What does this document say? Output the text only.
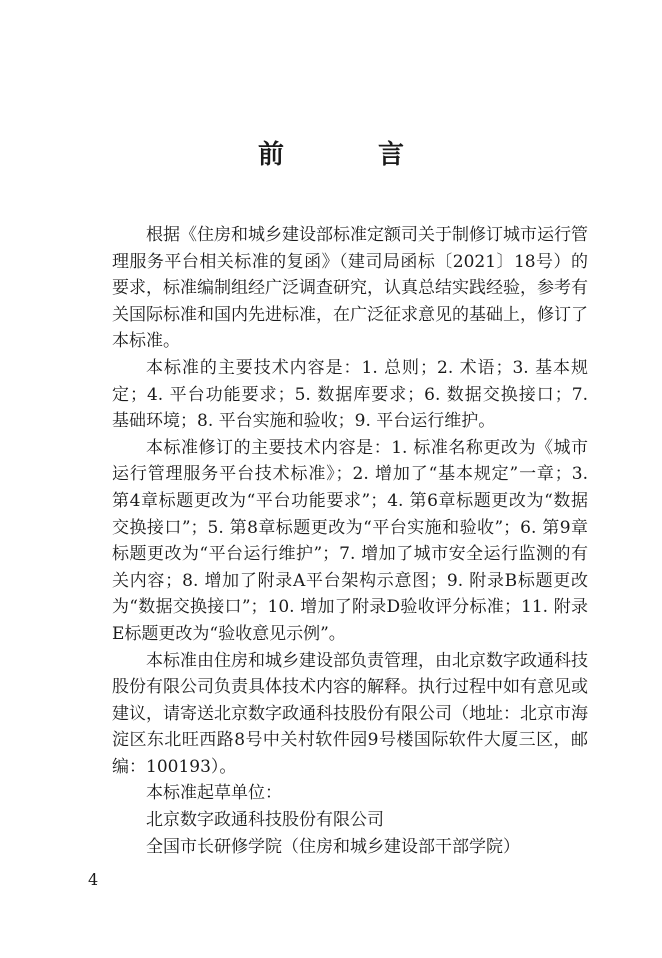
前　言

根据《住房和城乡建设部标准定额司关于制修订城市运行管理服务平台相关标准的复函》（建司局函标〔2021〕18号）的要求，标准编制组经广泛调查研究，认真总结实践经验，参考有关国际标准和国内先进标准，在广泛征求意见的基础上，修订了本标准。

本标准的主要技术内容是：1. 总则；2. 术语；3. 基本规定；4. 平台功能要求；5. 数据库要求；6. 数据交换接口；7. 基础环境；8. 平台实施和验收；9. 平台运行维护。

本标准修订的主要技术内容是：1. 标准名称更改为《城市运行管理服务平台技术标准》；2. 增加了“基本规定”一章；3. 第4章标题更改为“平台功能要求”；4. 第6章标题更改为“数据交换接口”；5. 第8章标题更改为“平台实施和验收”；6. 第9章标题更改为“平台运行维护”；7. 增加了城市安全运行监测的有关内容；8. 增加了附录A平台架构示意图；9. 附录B标题更改为“数据交换接口”；10. 增加了附录D验收评分标准；11. 附录E标题更改为“验收意见示例”。

本标准由住房和城乡建设部负责管理，由北京数字政通科技股份有限公司负责具体技术内容的解释。执行过程中如有意见或建议，请寄送北京数字政通科技股份有限公司（地址：北京市海淀区东北旺西路8号中关村软件园9号楼国际软件大厦三区，邮编：100193）。

本标准起草单位：

北京数字政通科技股份有限公司

全国市长研修学院（住房和城乡建设部干部学院）

4
